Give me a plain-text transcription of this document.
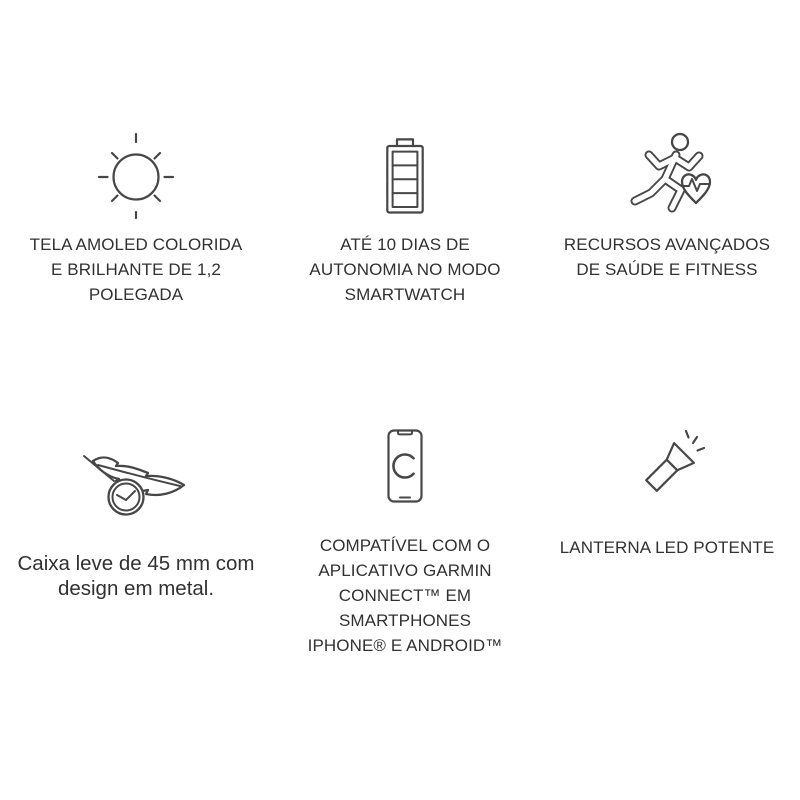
TELA AMOLED COLORIDA
E BRILHANTE DE 1,2
POLEGADA
ATÉ 10 DIAS DE
AUTONOMIA NO MODO
SMARTWATCH
RECURSOS AVANÇADOS
DE SAÚDE E FITNESS
Caixa leve de 45 mm com
design em metal.
COMPATÍVEL COM O
APLICATIVO GARMIN
CONNECT™ EM
SMARTPHONES
IPHONE® E ANDROID™
LANTERNA LED POTENTE
